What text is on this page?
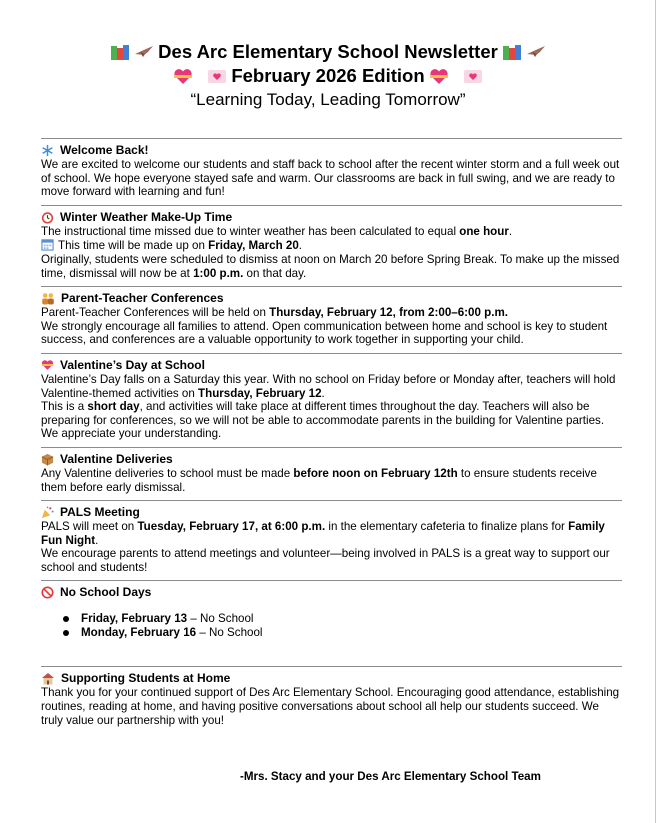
Des Arc Elementary School Newsletter
February 2026 Edition
“Learning Today, Leading Tomorrow”
Welcome Back!

We are excited to welcome our students and staff back to school after the recent winter storm and a full week out of school. We hope everyone stayed safe and warm. Our classrooms are back in full swing, and we are ready to move forward with learning and fun!

Winter Weather Make-Up Time

The instructional time missed due to winter weather has been calculated to equal one hour.

This time will be made up on Friday, March 20.

Originally, students were scheduled to dismiss at noon on March 20 before Spring Break. To make up the missed time, dismissal will now be at 1:00 p.m. on that day.

Parent-Teacher Conferences

Parent-Teacher Conferences will be held on Thursday, February 12, from 2:00–6:00 p.m.

We strongly encourage all families to attend. Open communication between home and school is key to student success, and conferences are a valuable opportunity to work together in supporting your child.

Valentine’s Day at School

Valentine’s Day falls on a Saturday this year. With no school on Friday before or Monday after, teachers will hold Valentine-themed activities on Thursday, February 12.

This is a short day, and activities will take place at different times throughout the day. Teachers will also be preparing for conferences, so we will not be able to accommodate parents in the building for Valentine parties. We appreciate your understanding.

Valentine Deliveries

Any Valentine deliveries to school must be made before noon on February 12th to ensure students receive them before early dismissal.

PALS Meeting

PALS will meet on Tuesday, February 17, at 6:00 p.m. in the elementary cafeteria to finalize plans for Family Fun Night.

We encourage parents to attend meetings and volunteer—being involved in PALS is a great way to support our school and students!

No School Days
Friday, February 13 – No School
Monday, February 16 – No School
Supporting Students at Home

Thank you for your continued support of Des Arc Elementary School. Encouraging good attendance, establishing routines, reading at home, and having positive conversations about school all help our students succeed. We truly value our partnership with you!

-Mrs. Stacy and your Des Arc Elementary School Team
